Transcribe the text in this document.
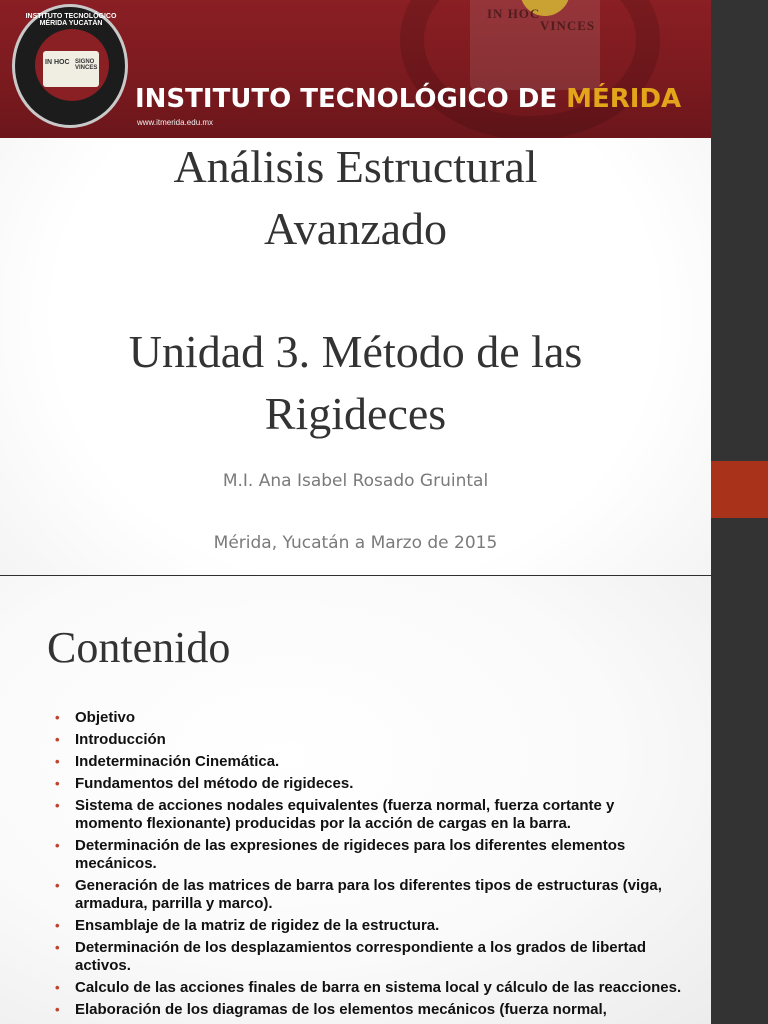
IN HOC
VINCES
IN HOC SIGNO VINCES
INSTITUTO TECNOLÓGICO MÉRIDA YUCATÁN
INSTITUTO TECNOLÓGICO DE MÉRIDA
www.itmerida.edu.mx
Análisis Estructural
Avanzado
Unidad 3. Método de las
Rigideces
M.I. Ana Isabel Rosado Gruintal
Mérida, Yucatán a Marzo de 2015
Contenido
• Objetivo
• Introducción
• Indeterminación Cinemática.
• Fundamentos del método de rigideces.
• Sistema de acciones nodales equivalentes (fuerza normal, fuerza cortante y momento flexionante) producidas por la acción de cargas en la barra.
• Determinación de las expresiones de rigideces para los diferentes elementos mecánicos.
• Generación de las matrices de barra para los diferentes tipos de estructuras (viga, armadura, parrilla y marco).
• Ensamblaje de la matriz de rigidez de la estructura.
• Determinación de los desplazamientos correspondiente a los grados de libertad activos.
• Calculo de las acciones finales de barra en sistema local y cálculo de las reacciones.
• Elaboración de los diagramas de los elementos mecánicos (fuerza normal,
